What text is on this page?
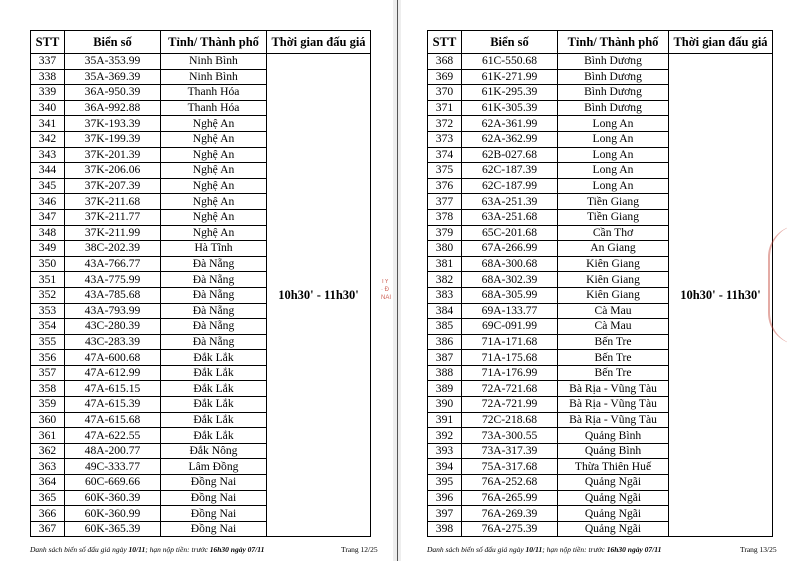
STT	Biển số	Tỉnh/ Thành phố	Thời gian đấu giá
337	35A-353.99	Ninh Bình	10h30' - 11h30'
338	35A-369.39	Ninh Bình	
339	36A-950.39	Thanh Hóa	
340	36A-992.88	Thanh Hóa	
341	37K-193.39	Nghệ An	
342	37K-199.39	Nghệ An	
343	37K-201.39	Nghệ An	
344	37K-206.06	Nghệ An	
345	37K-207.39	Nghệ An	
346	37K-211.68	Nghệ An	
347	37K-211.77	Nghệ An	
348	37K-211.99	Nghệ An	
349	38C-202.39	Hà Tĩnh	
350	43A-766.77	Đà Nẵng	
351	43A-775.99	Đà Nẵng	
352	43A-785.68	Đà Nẵng	
353	43A-793.99	Đà Nẵng	
354	43C-280.39	Đà Nẵng	
355	43C-283.39	Đà Nẵng	
356	47A-600.68	Đắk Lắk	
357	47A-612.99	Đắk Lắk	
358	47A-615.15	Đắk Lắk	
359	47A-615.39	Đắk Lắk	
360	47A-615.68	Đắk Lắk	
361	47A-622.55	Đắk Lắk	
362	48A-200.77	Đắk Nông	
363	49C-333.77	Lâm Đồng	
364	60C-669.66	Đồng Nai	
365	60K-360.39	Đồng Nai	
366	60K-360.99	Đồng Nai	
367	60K-365.39	Đồng Nai	
STT	Biển số	Tỉnh/ Thành phố	Thời gian đấu giá
368	61C-550.68	Bình Dương	10h30' - 11h30'
369	61K-271.99	Bình Dương	
370	61K-295.39	Bình Dương	
371	61K-305.39	Bình Dương	
372	62A-361.99	Long An	
373	62A-362.99	Long An	
374	62B-027.68	Long An	
375	62C-187.39	Long An	
376	62C-187.99	Long An	
377	63A-251.39	Tiền Giang	
378	63A-251.68	Tiền Giang	
379	65C-201.68	Cần Thơ	
380	67A-266.99	An Giang	
381	68A-300.68	Kiên Giang	
382	68A-302.39	Kiên Giang	
383	68A-305.99	Kiên Giang	
384	69A-133.77	Cà Mau	
385	69C-091.99	Cà Mau	
386	71A-171.68	Bến Tre	
387	71A-175.68	Bến Tre	
388	71A-176.99	Bến Tre	
389	72A-721.68	Bà Rịa - Vũng Tàu	
390	72A-721.99	Bà Rịa - Vũng Tàu	
391	72C-218.68	Bà Rịa - Vũng Tàu	
392	73A-300.55	Quảng Bình	
393	73A-317.39	Quảng Bình	
394	75A-317.68	Thừa Thiên Huế	
395	76A-252.68	Quảng Ngãi	
396	76A-265.99	Quảng Ngãi	
397	76A-269.39	Quảng Ngãi	
398	76A-275.39	Quảng Ngãi	
TY
· Đ
NAI
Danh sách biển số đấu giá ngày 10/11; hạn nộp tiền: trước 16h30 ngày 07/11	Trang 12/25	Danh sách biển số đấu giá ngày 10/11; hạn nộp tiền: trước 16h30 ngày 07/11	Trang 13/25
